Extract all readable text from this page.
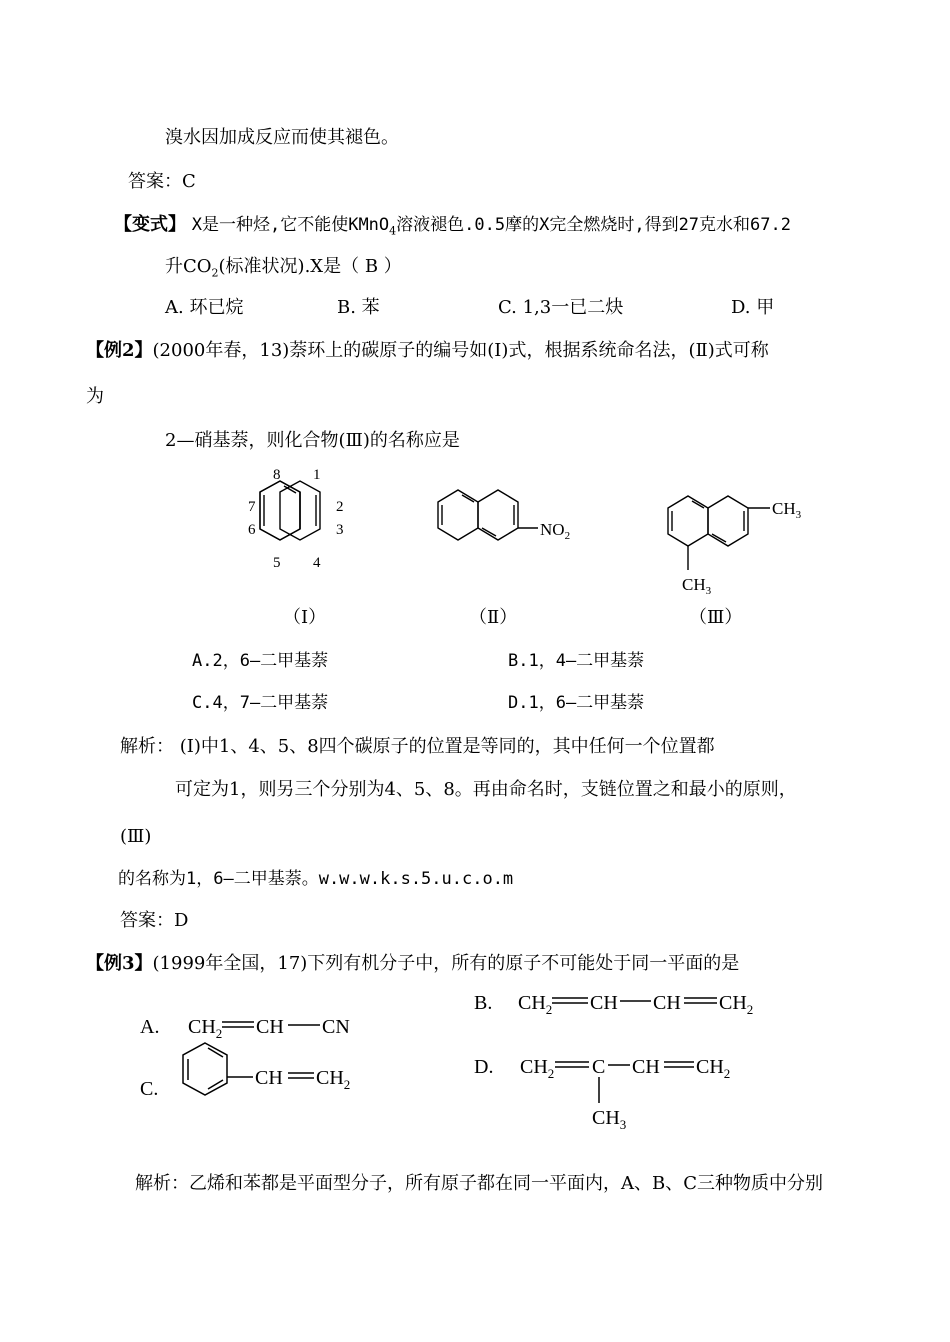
溴水因加成反应而使其褪色。
答案：C
【变式】 X是一种烃,它不能使KMnO$_4$溶液褪色.0.5摩的X完全燃烧时,得到27克水和67.2
升$CO_2$(标准状况).X是（ B ）
A. 环已烷	B. 苯	C. 1,3一已二炔	D. 甲
【例2】(2000年春，13)萘环上的碳原子的编号如(Ⅰ)式，根据系统命名法，(Ⅱ)式可称
为
2—硝基萘，则化合物(Ⅲ)的名称应是
8 1
7	2
6	3
5 4
$NO_2$
$CH_3$
$CH_3$
（Ⅰ）	（Ⅱ）	（Ⅲ）
A.2，6—二甲基萘	B.1，4—二甲基萘
C.4，7—二甲基萘	D.1，6—二甲基萘
解析： (Ⅰ)中1、4、5、8四个碳原子的位置是等同的，其中任何一个位置都
可定为1，则另三个分别为4、5、8。再由命名时，支链位置之和最小的原则，
(Ⅲ)
的名称为1，6—二甲基萘。w.w.w.k.s.5.u.c.o.m
答案：D
【例3】(1999年全国，17)下列有机分子中，所有的原子不可能处于同一平面的是
A. $CH_2$ CH CN
B. $CH_2$ CH CH $CH_2$
C.	CH $CH_2$
D. $CH_2$ C CH $CH_2$
$CH_3$
解析：乙烯和苯都是平面型分子，所有原子都在同一平面内，A、B、C三种物质中分别
